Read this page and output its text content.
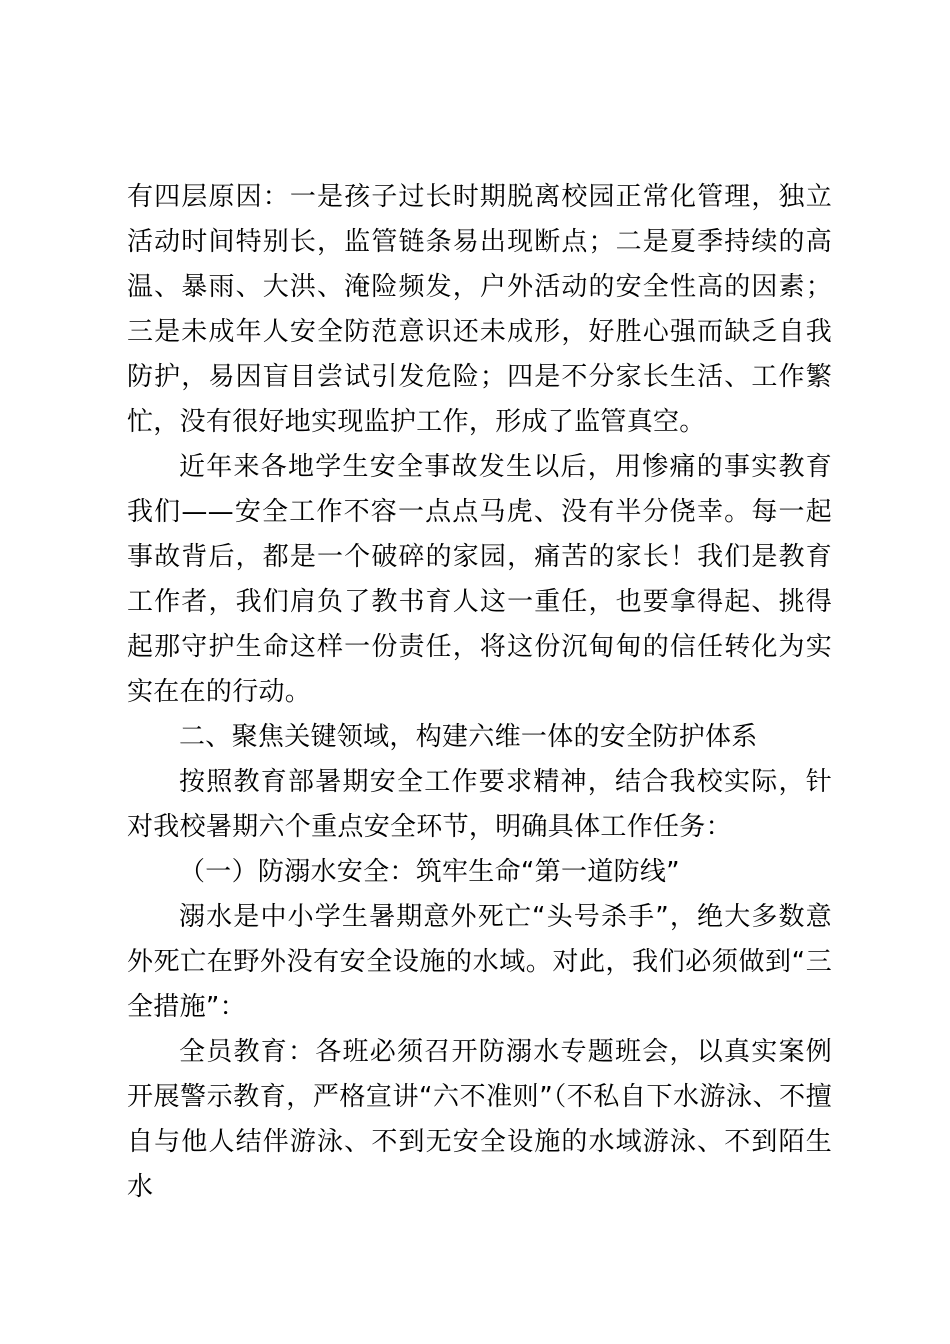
有四层原因：一是孩子过长时期脱离校园正常化管理，独立活动时间特别长，监管链条易出现断点；二是夏季持续的高温、暴雨、大洪、淹险频发，户外活动的安全性高的因素；三是未成年人安全防范意识还未成形，好胜心强而缺乏自我防护，易因盲目尝试引发危险；四是不分家长生活、工作繁忙，没有很好地实现监护工作，形成了监管真空。

近年来各地学生安全事故发生以后，用惨痛的事实教育我们——安全工作不容一点点马虎、没有半分侥幸。每一起事故背后，都是一个破碎的家园，痛苦的家长！我们是教育工作者，我们肩负了教书育人这一重任，也要拿得起、挑得起那守护生命这样一份责任，将这份沉甸甸的信任转化为实实在在的行动。

二、聚焦关键领域，构建六维一体的安全防护体系

按照教育部暑期安全工作要求精神，结合我校实际，针对我校暑期六个重点安全环节，明确具体工作任务：

（一）防溺水安全：筑牢生命“第一道防线”

溺水是中小学生暑期意外死亡“头号杀手”，绝大多数意外死亡在野外没有安全设施的水域。对此，我们必须做到“三全措施”：

全员教育：各班必须召开防溺水专题班会，以真实案例开展警示教育，严格宣讲“六不准则”（不私自下水游泳、不擅自与他人结伴游泳、不到无安全设施的水域游泳、不到陌生水
